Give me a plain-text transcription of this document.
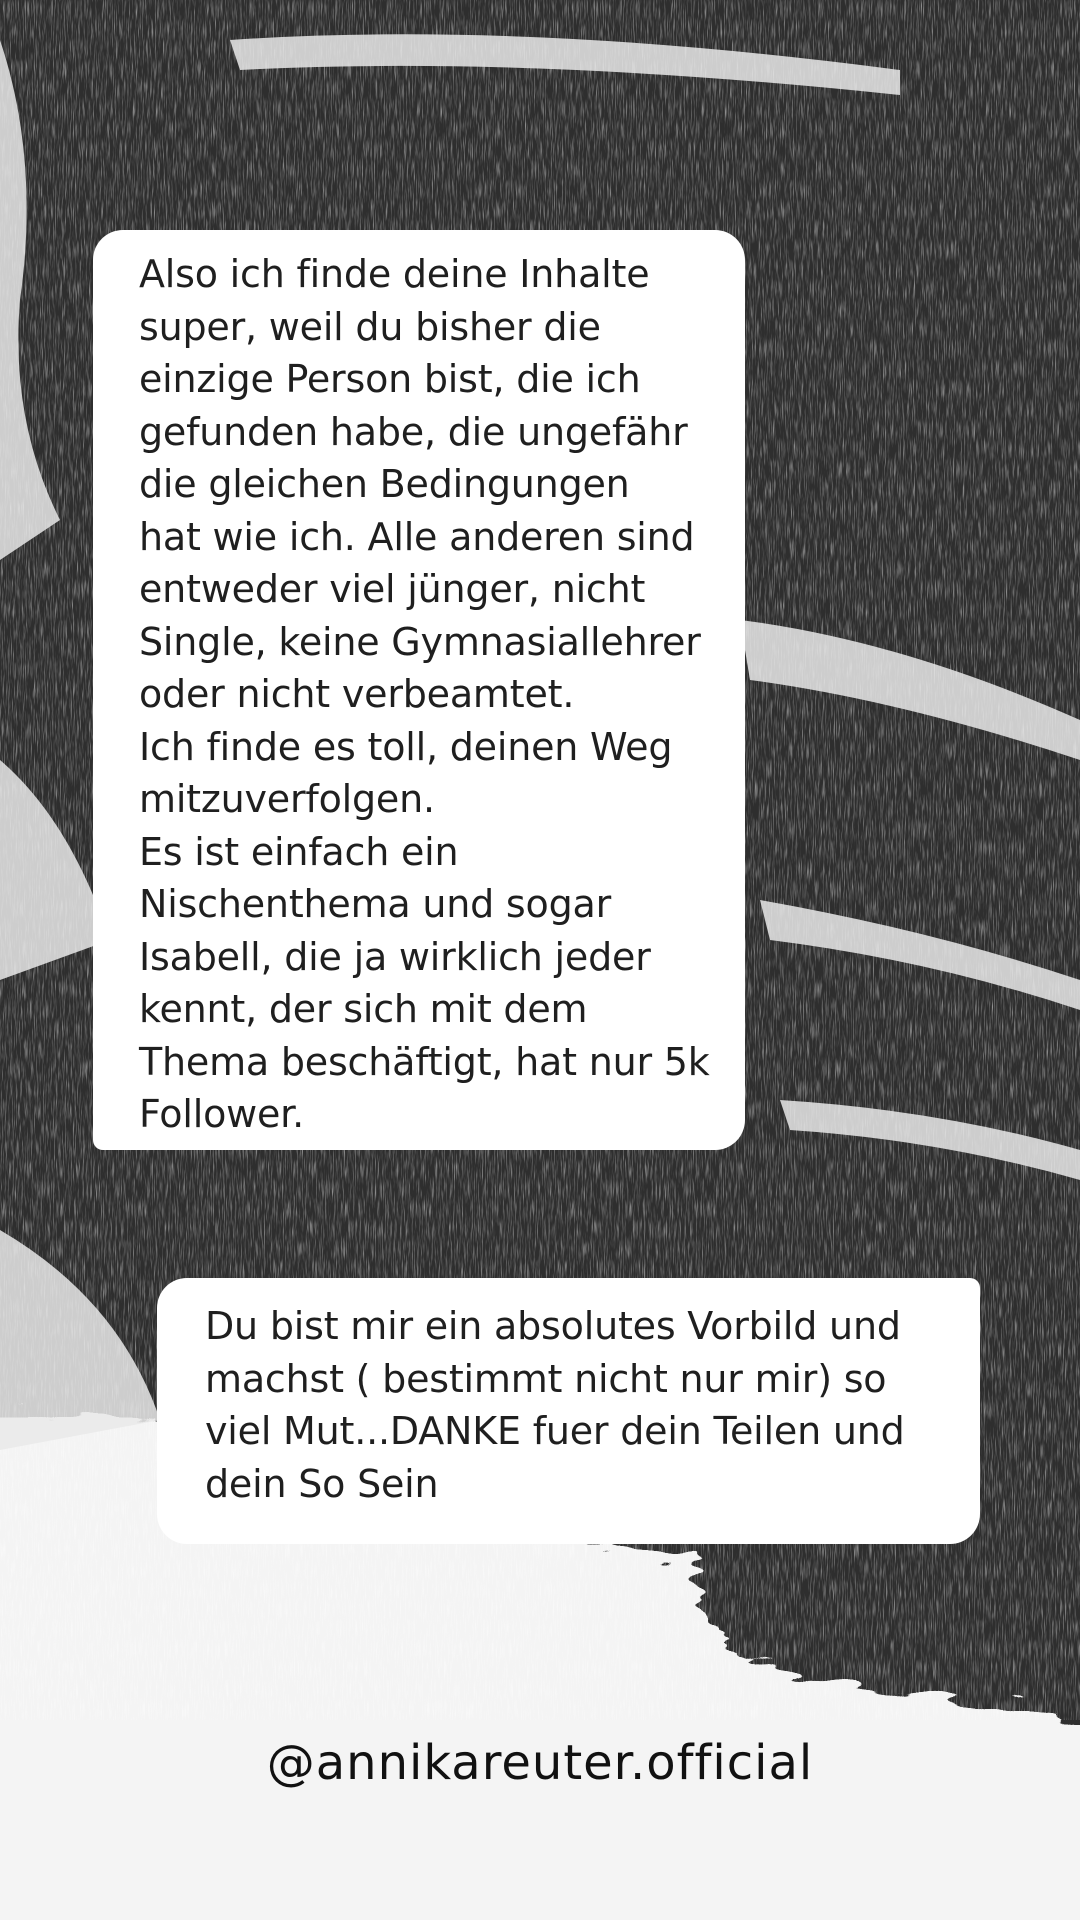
Also ich finde deine Inhalte
super, weil du bisher die
einzige Person bist, die ich
gefunden habe, die ungefähr
die gleichen Bedingungen
hat wie ich. Alle anderen sind
entweder viel jünger, nicht
Single, keine Gymnasiallehrer
oder nicht verbeamtet.
Ich finde es toll, deinen Weg
mitzuverfolgen.
Es ist einfach ein
Nischenthema und sogar
Isabell, die ja wirklich jeder
kennt, der sich mit dem
Thema beschäftigt, hat nur 5k
Follower.
Du bist mir ein absolutes Vorbild und
machst ( bestimmt nicht nur mir) so
viel Mut...DANKE fuer dein Teilen und
dein So Sein
@annikareuter.official
